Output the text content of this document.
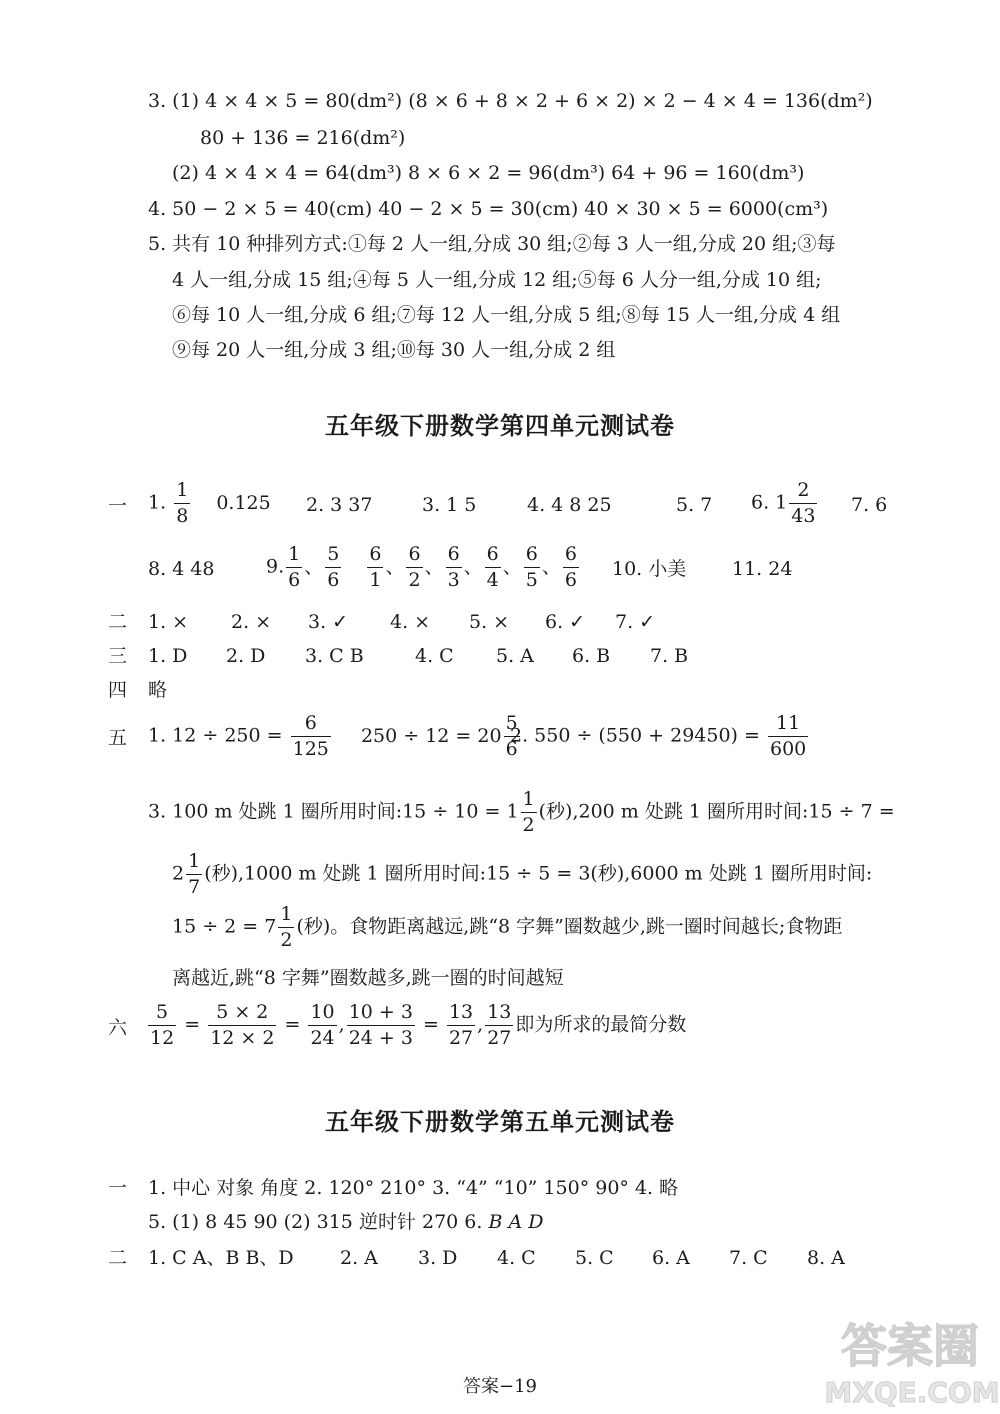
3. (1) 4 × 4 × 5 = 80(dm²) (8 × 6 + 8 × 2 + 6 × 2) × 2 − 4 × 4 = 136(dm²)
80 + 136 = 216(dm²)
(2) 4 × 4 × 4 = 64(dm³) 8 × 6 × 2 = 96(dm³) 64 + 96 = 160(dm³)
4. 50 − 2 × 5 = 40(cm) 40 − 2 × 5 = 30(cm) 40 × 30 × 5 = 6000(cm³)
5. 共有 10 种排列方式:①每 2 人一组,分成 30 组;②每 3 人一组,分成 20 组;③每
4 人一组,分成 15 组;④每 5 人一组,分成 12 组;⑤每 6 人分一组,分成 10 组;
⑥每 10 人一组,分成 6 组;⑦每 12 人一组,分成 5 组;⑧每 15 人一组,分成 4 组
⑨每 20 人一组,分成 3 组;⑩每 30 人一组,分成 2 组
五年级下册数学第四单元测试卷
一 1. $\frac{1}{8} 0.125$ 2. 3 37	3. 1 5	4. 4 8 25	5. 7 6. $1 \frac{2}{43} 7$. 6
8. 4 48	9. $\frac{1}{6}$ 、 $\frac{5}{6} \frac{6}{1}$ 、 $\frac{6}{2}$ 、 $\frac{6}{3}$ 、 $\frac{6}{4}$ 、 $\frac{6}{5}$ 、 $\frac{6}{6} 10$. 小美 11. 24
二 1. × 2. × 3. ✓ 4. × 5. × 6. ✓ 7. ✓
三 1. D 2. D 3. C B	4. C 5. A 6. B 7. B
四 略
五 1. $12 \div 250 = \frac{6}{125} 250 \div 12 = 20 \frac{5}{6}$
2. $550 \div (550 + 29450) = \frac{11}{600}$
3. 100 m 处跳 1 圈所用时间:15 ÷ $10 = 1 \frac{1}{2}$ (秒),200 m 处跳 1 圈所用时间:15 ÷ 7 =
$2 \frac{1}{7}$ (秒),1000 m 处跳 1 圈所用时间:15 ÷ 5 = 3(秒),6000 m 处跳 1 圈所用时间:
$15 \div 2 = 7 \frac{1}{2}$ (秒)。食物距离越远,跳“8 字舞”圈数越少,跳一圈时间越长;食物距
离越近,跳“8 字舞”圈数越多,跳一圈的时间越短
六 $\frac{5}{12} = \frac{5 \times 2}{12 \times 2} = \frac{10}{24}$ , $\frac{10 + 3}{24 + 3} = \frac{13}{27}$ , $\frac{13}{27}$ 即为所求的最简分数
五年级下册数学第五单元测试卷
一 1. 中心 对象 角度 2. 120° 210° 3. “4” “10” 150° 90° 4. 略
5. (1) 8 45 90 (2) 315 逆时针 270 6. B A D
二 1. C A、B B、D 2. A 3. D 4. C 5. C 6. A 7. C 8. A
答案−19
答案圈
MXQE.COM
